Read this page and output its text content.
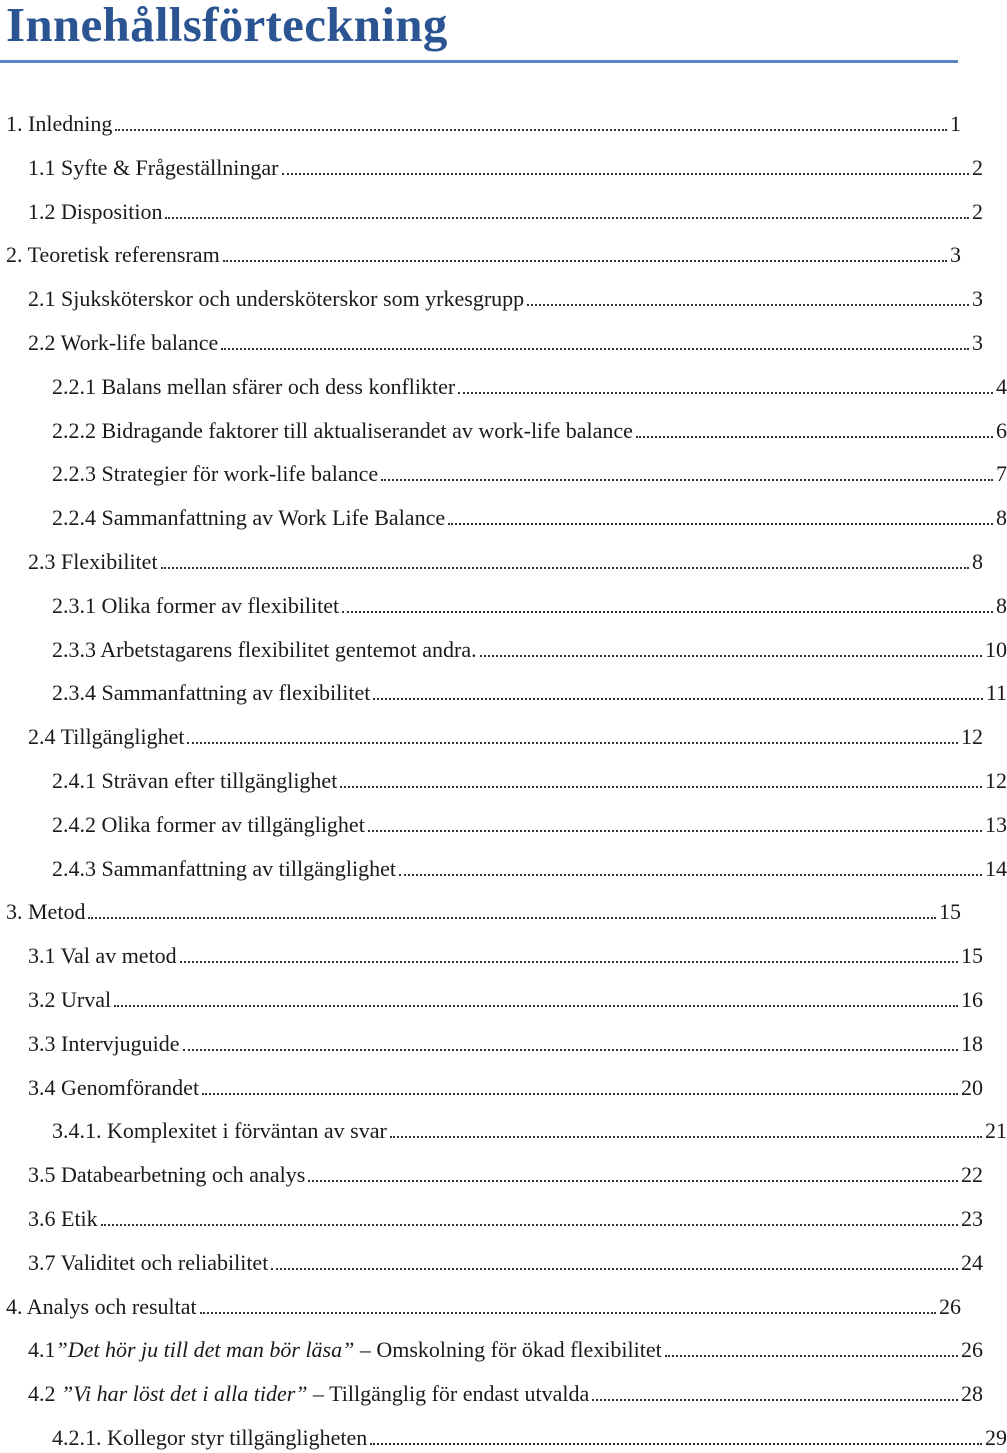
Innehållsförteckning
1. Inledning	1
1.1 Syfte & Frågeställningar	2
1.2 Disposition	2
2. Teoretisk referensram	3
2.1 Sjuksköterskor och undersköterskor som yrkesgrupp	3
2.2 Work-life balance	3
2.2.1 Balans mellan sfärer och dess konflikter	4
2.2.2 Bidragande faktorer till aktualiserandet av work-life balance	6
2.2.3 Strategier för work-life balance	7
2.2.4 Sammanfattning av Work Life Balance	8
2.3 Flexibilitet	8
2.3.1 Olika former av flexibilitet	8
2.3.3 Arbetstagarens flexibilitet gentemot andra.	10
2.3.4 Sammanfattning av flexibilitet	11
2.4 Tillgänglighet	12
2.4.1 Strävan efter tillgänglighet	12
2.4.2 Olika former av tillgänglighet	13
2.4.3 Sammanfattning av tillgänglighet	14
3. Metod	15
3.1 Val av metod	15
3.2 Urval	16
3.3 Intervjuguide	18
3.4 Genomförandet	20
3.4.1. Komplexitet i förväntan av svar	21
3.5 Databearbetning och analys	22
3.6 Etik	23
3.7 Validitet och reliabilitet	24
4. Analys och resultat	26
4.1”Det hör ju till det man bör läsa” – Omskolning för ökad flexibilitet	26
4.2 ”Vi har löst det i alla tider” – Tillgänglig för endast utvalda	28
4.2.1. Kollegor styr tillgängligheten	29
